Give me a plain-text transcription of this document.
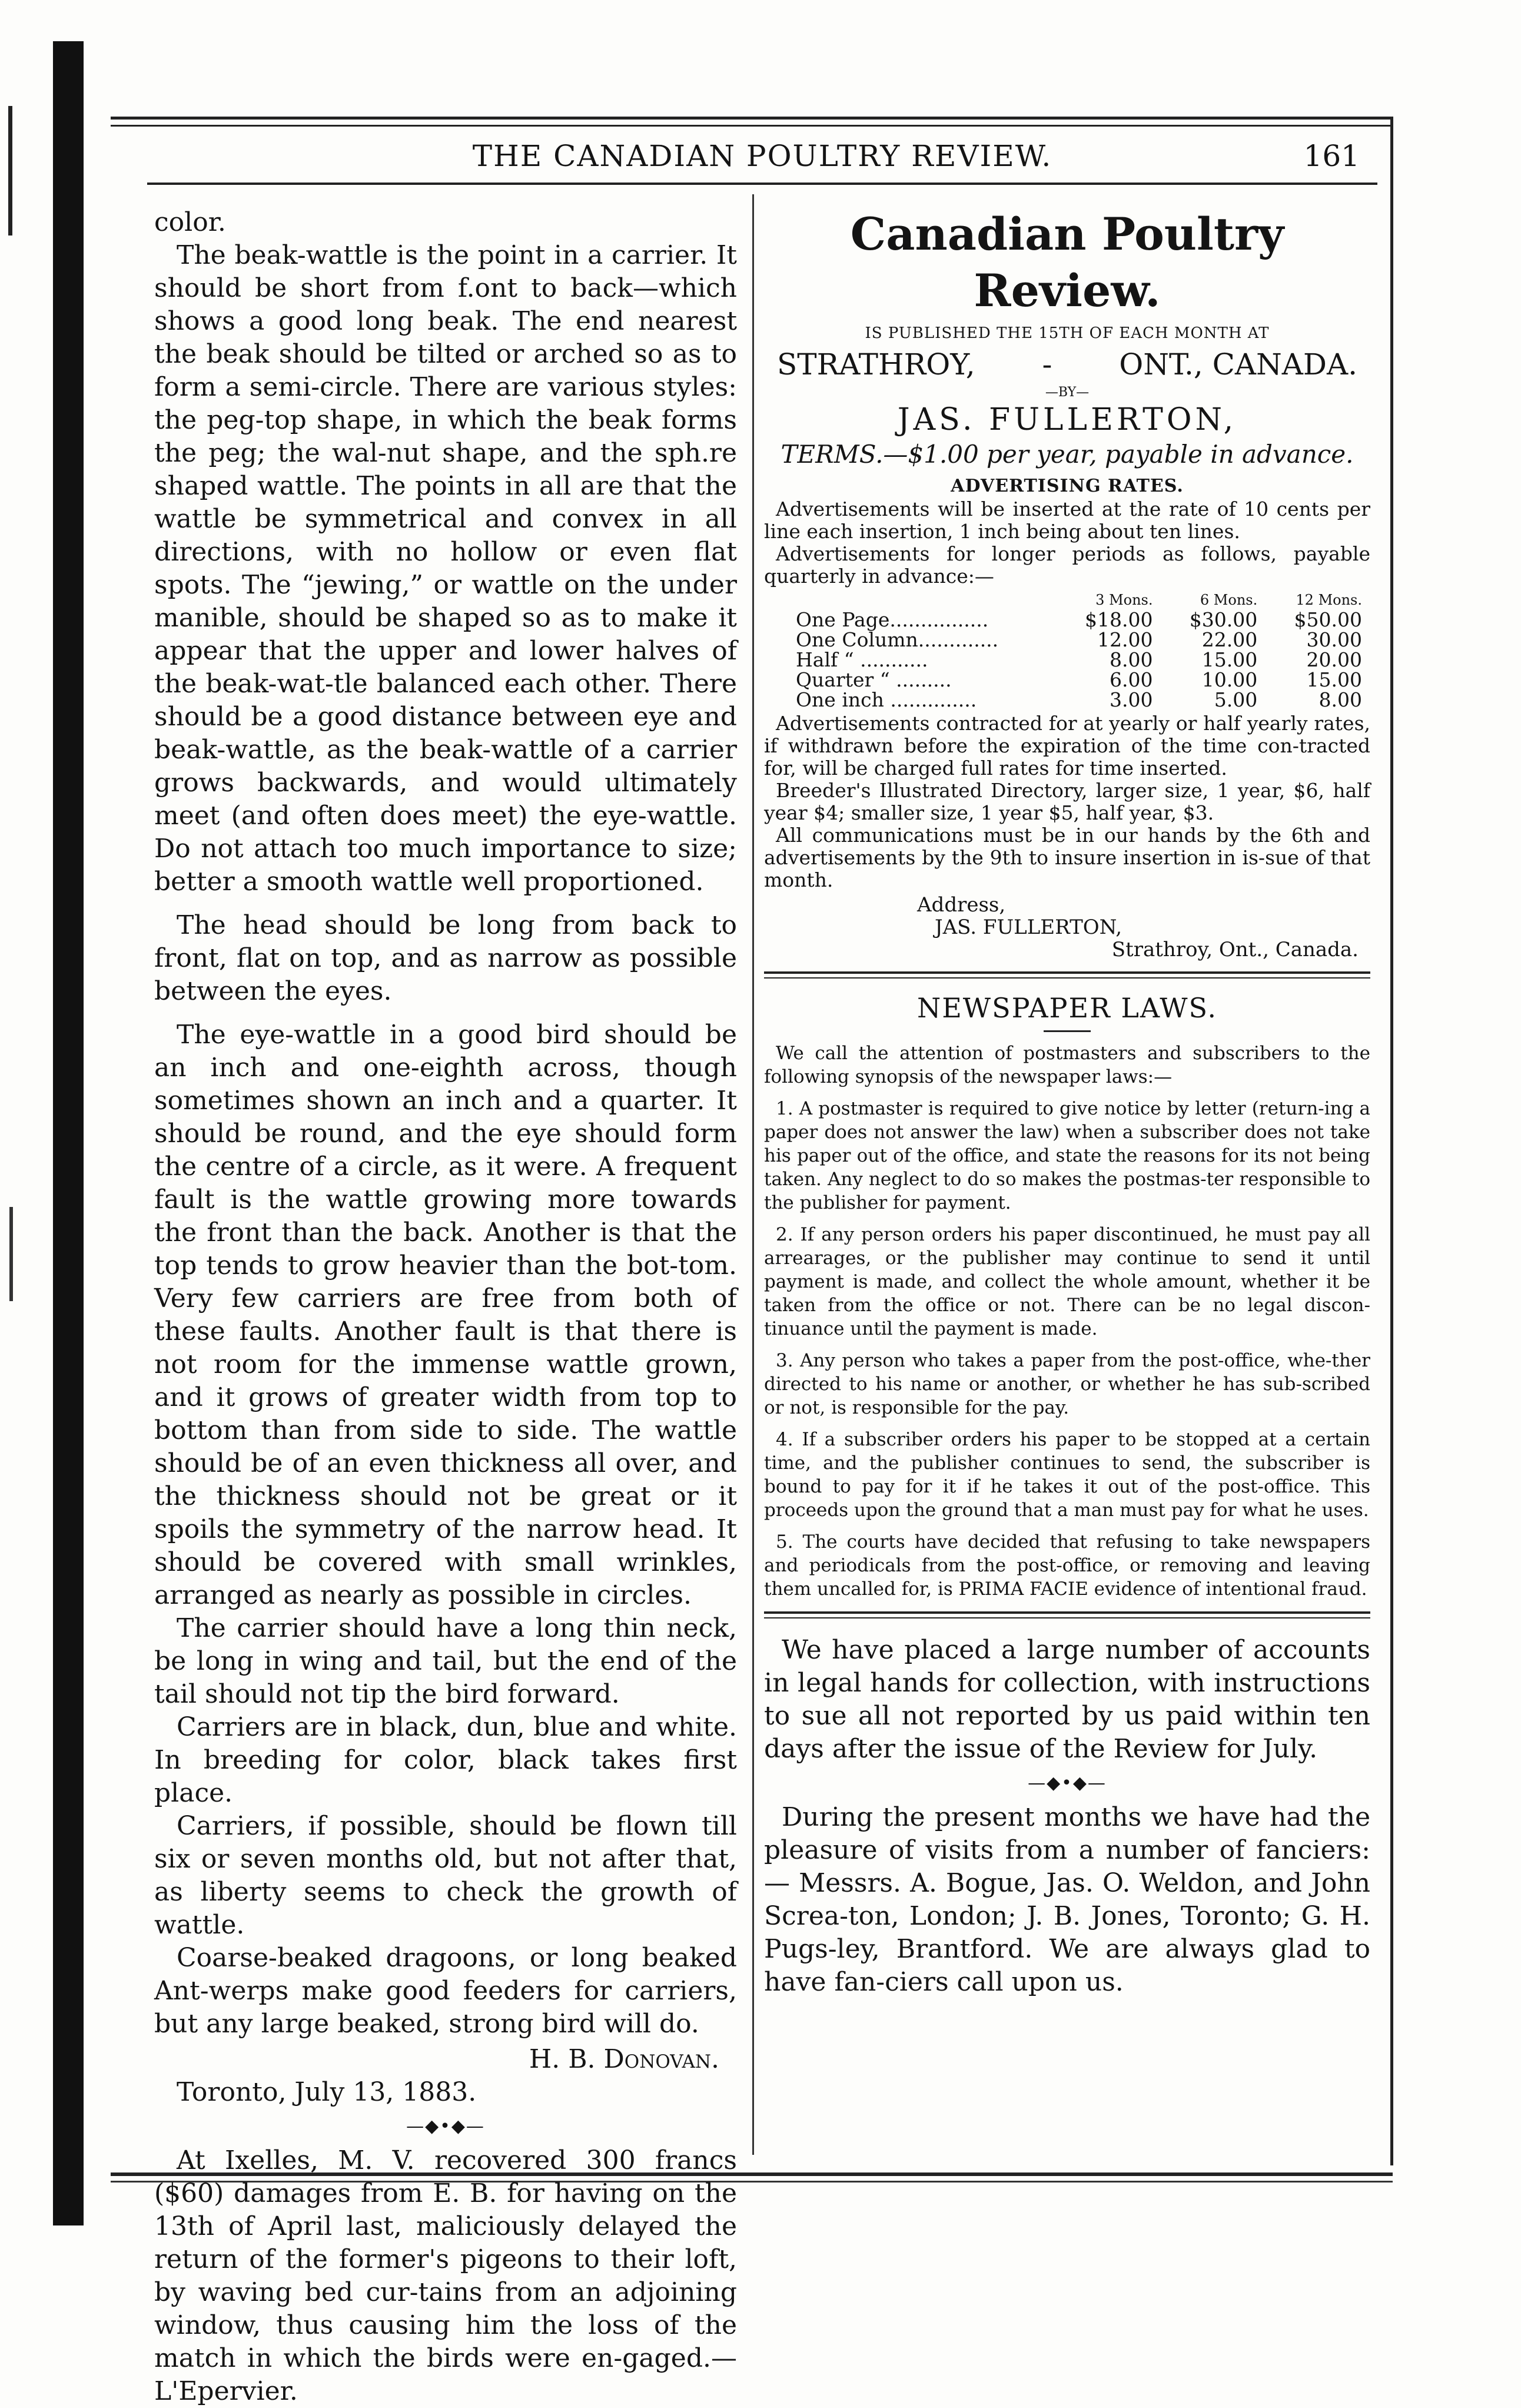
THE CANADIAN POULTRY REVIEW.	161

color.

The beak-wattle is the point in a carrier. It should be short from f.ont to back—which shows a good long beak. The end nearest the beak should be tilted or arched so as to form a semi-circle. There are various styles: the peg-top shape, in which the beak forms the peg; the wal-nut shape, and the sph.re shaped wattle. The points in all are that the wattle be symmetrical and convex in all directions, with no hollow or even flat spots. The “jewing,” or wattle on the under manible, should be shaped so as to make it appear that the upper and lower halves of the beak-wat-tle balanced each other. There should be a good distance between eye and beak-wattle, as the beak-wattle of a carrier grows backwards, and would ultimately meet (and often does meet) the eye-wattle. Do not attach too much importance to size; better a smooth wattle well proportioned.

The head should be long from back to front, flat on top, and as narrow as possible between the eyes.

The eye-wattle in a good bird should be an inch and one-eighth across, though sometimes shown an inch and a quarter. It should be round, and the eye should form the centre of a circle, as it were. A frequent fault is the wattle growing more towards the front than the back. Another is that the top tends to grow heavier than the bot-tom. Very few carriers are free from both of these faults. Another fault is that there is not room for the immense wattle grown, and it grows of greater width from top to bottom than from side to side. The wattle should be of an even thickness all over, and the thickness should not be great or it spoils the symmetry of the narrow head. It should be covered with small wrinkles, arranged as nearly as possible in circles.

The carrier should have a long thin neck, be long in wing and tail, but the end of the tail should not tip the bird forward.

Carriers are in black, dun, blue and white. In breeding for color, black takes first place.

Carriers, if possible, should be flown till six or seven months old, but not after that, as liberty seems to check the growth of wattle.

Coarse-beaked dragoons, or long beaked Ant-werps make good feeders for carriers, but any large beaked, strong bird will do.

H. B. Donovan.

Toronto, July 13, 1883.

—◆•◆—

At Ixelles, M. V. recovered 300 francs ($60) damages from E. B. for having on the 13th of April last, maliciously delayed the return of the former's pigeons to their loft, by waving bed cur-tains from an adjoining window, thus causing him the loss of the match in which the birds were en-gaged.—L'Epervier.

Canadian Poultry Review.

IS PUBLISHED THE 15TH OF EACH MONTH AT

STRATHROY, - ONT., CANADA.
—BY—
JAS. FULLERTON,
TERMS.—$1.00 per year, payable in advance.
ADVERTISING RATES.

Advertisements will be inserted at the rate of 10 cents per line each insertion, 1 inch being about ten lines.

Advertisements for longer periods as follows, payable quarterly in advance:—

	3 Mons.	6 Mons.	12 Mons.
One Page................	$18.00	$30.00	$50.00
One Column.............	12.00	22.00	30.00
Half “ ...........	8.00	15.00	20.00
Quarter “ .........	6.00	10.00	15.00
One inch ..............	3.00	5.00	8.00

Advertisements contracted for at yearly or half yearly rates, if withdrawn before the expiration of the time con-tracted for, will be charged full rates for time inserted.

Breeder's Illustrated Directory, larger size, 1 year, $6, half year $4; smaller size, 1 year $5, half year, $3.

All communications must be in our hands by the 6th and advertisements by the 9th to insure insertion in is-sue of that month.

Address,

JAS. FULLERTON,

Strathroy, Ont., Canada.

NEWSPAPER LAWS.

We call the attention of postmasters and subscribers to the following synopsis of the newspaper laws:—

1. A postmaster is required to give notice by letter (return-ing a paper does not answer the law) when a subscriber does not take his paper out of the office, and state the reasons for its not being taken. Any neglect to do so makes the postmas-ter responsible to the publisher for payment.

2. If any person orders his paper discontinued, he must pay all arrearages, or the publisher may continue to send it until payment is made, and collect the whole amount, whether it be taken from the office or not. There can be no legal discon-tinuance until the payment is made.

3. Any person who takes a paper from the post-office, whe-ther directed to his name or another, or whether he has sub-scribed or not, is responsible for the pay.

4. If a subscriber orders his paper to be stopped at a certain time, and the publisher continues to send, the subscriber is bound to pay for it if he takes it out of the post-office. This proceeds upon the ground that a man must pay for what he uses.

5. The courts have decided that refusing to take newspapers and periodicals from the post-office, or removing and leaving them uncalled for, is PRIMA FACIE evidence of intentional fraud.

We have placed a large number of accounts in legal hands for collection, with instructions to sue all not reported by us paid within ten days after the issue of the Review for July.

—◆•◆—

During the present months we have had the pleasure of visits from a number of fanciers:— Messrs. A. Bogue, Jas. O. Weldon, and John Screa-ton, London; J. B. Jones, Toronto; G. H. Pugs-ley, Brantford. We are always glad to have fan-ciers call upon us.
